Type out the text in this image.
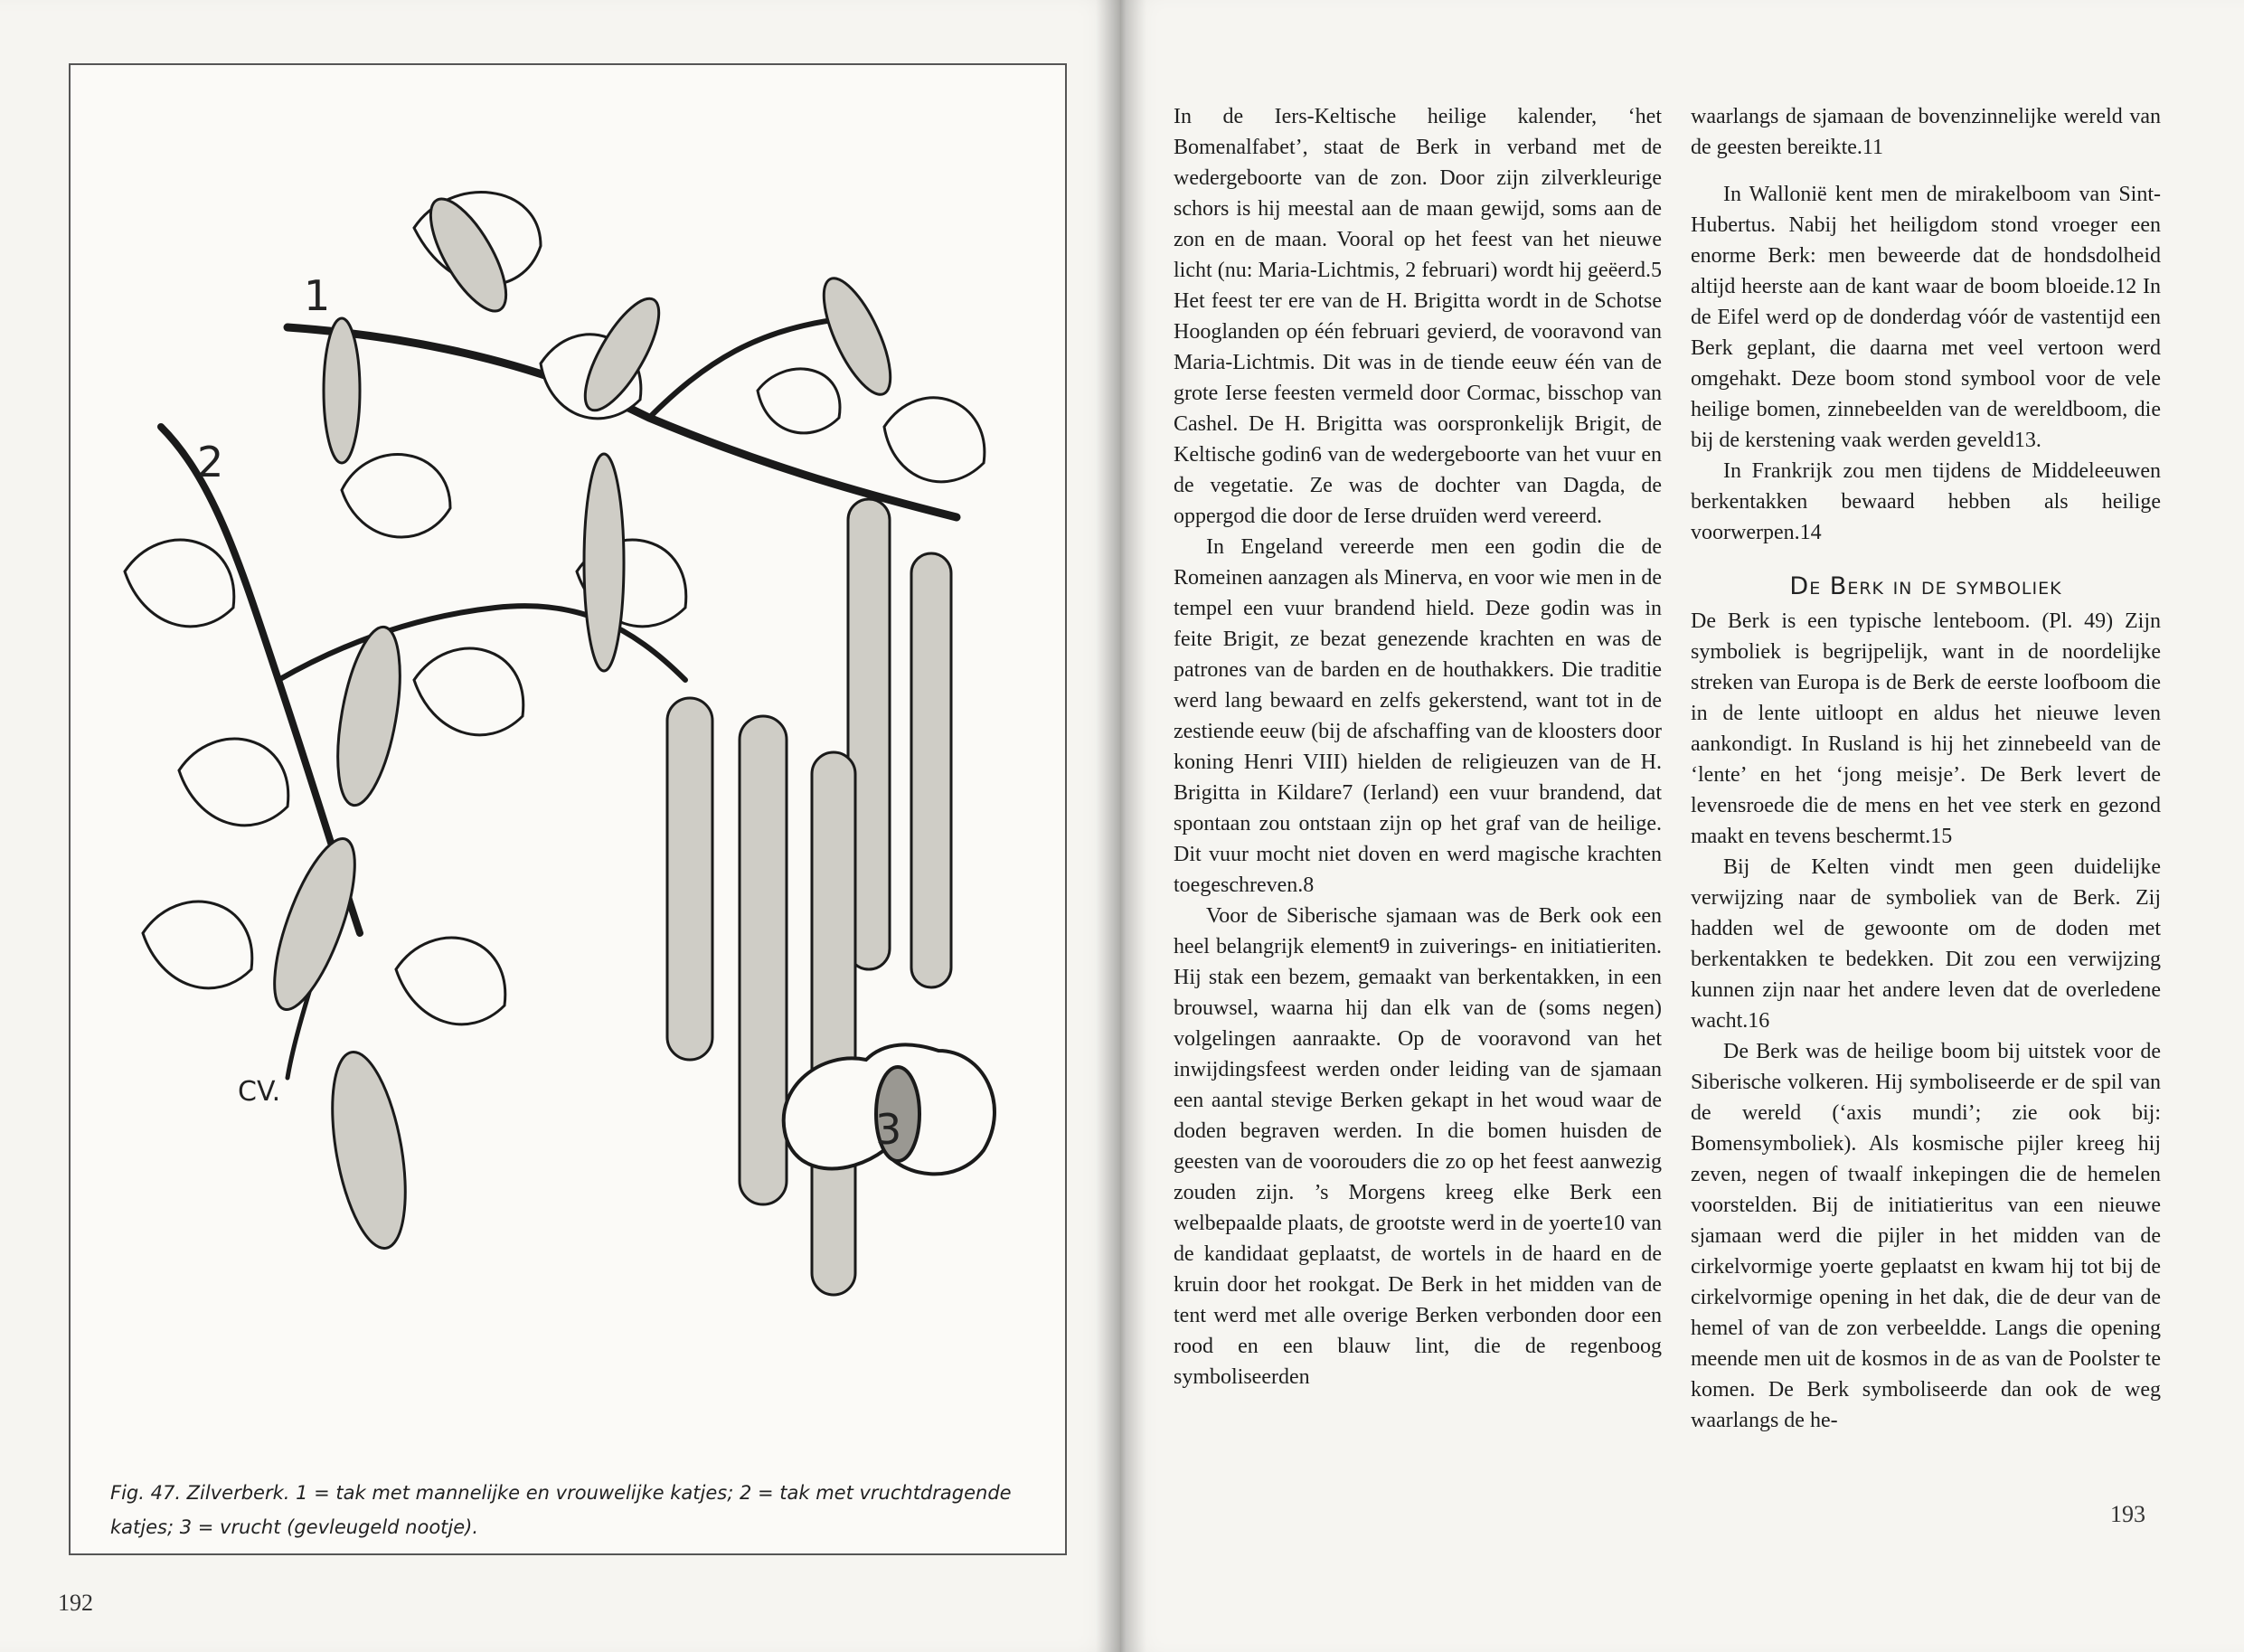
1
2
3
CV.
Fig. 47. Zilverberk. 1 = tak met mannelijke en vrouwelijke katjes; 2 = tak met vruchtdragende katjes; 3 = vrucht (gevleugeld nootje).
192

In de Iers-Keltische heilige kalender, ‘het Bomenalfabet’, staat de Berk in verband met de wedergeboorte van de zon. Door zijn zilverkleurige schors is hij meestal aan de maan gewijd, soms aan de zon en de maan. Vooral op het feest van het nieuwe licht (nu: Maria-Lichtmis, 2 februari) wordt hij geëerd.5 Het feest ter ere van de H. Brigitta wordt in de Schotse Hooglanden op één februari gevierd, de vooravond van Maria-Lichtmis. Dit was in de tiende eeuw één van de grote Ierse feesten vermeld door Cormac, bisschop van Cashel. De H. Brigitta was oorspronkelijk Brigit, de Keltische godin6 van de wedergeboorte van het vuur en de vegetatie. Ze was de dochter van Dagda, de oppergod die door de Ierse druïden werd vereerd.

In Engeland vereerde men een godin die de Romeinen aanzagen als Minerva, en voor wie men in de tempel een vuur brandend hield. Deze godin was in feite Brigit, ze bezat genezende krachten en was de patrones van de barden en de houthakkers. Die traditie werd lang bewaard en zelfs gekerstend, want tot in de zestiende eeuw (bij de afschaffing van de kloosters door koning Henri VIII) hielden de religieuzen van de H. Brigitta in Kildare7 (Ierland) een vuur brandend, dat spontaan zou ontstaan zijn op het graf van de heilige. Dit vuur mocht niet doven en werd magische krachten toegeschreven.8

Voor de Siberische sjamaan was de Berk ook een heel belangrijk element9 in zuiverings- en initiatieriten. Hij stak een bezem, gemaakt van berkentakken, in een brouwsel, waarna hij dan elk van de (soms negen) volgelingen aanraakte. Op de vooravond van het inwijdingsfeest werden onder leiding van de sjamaan een aantal stevige Berken gekapt in het woud waar de doden begraven werden. In die bomen huisden de geesten van de voorouders die zo op het feest aanwezig zouden zijn. ’s Morgens kreeg elke Berk een welbepaalde plaats, de grootste werd in de yoerte10 van de kandidaat geplaatst, de wortels in de haard en de kruin door het rookgat. De Berk in het midden van de tent werd met alle overige Berken verbonden door een rood en een blauw lint, die de regenboog symboliseerden

waarlangs de sjamaan de bovenzinnelijke wereld van de geesten bereikte.11

In Wallonië kent men de mirakelboom van Sint-Hubertus. Nabij het heiligdom stond vroeger een enorme Berk: men beweerde dat de hondsdolheid altijd heerste aan de kant waar de boom bloeide.12 In de Eifel werd op de donderdag vóór de vastentijd een Berk geplant, die daarna met veel vertoon werd omgehakt. Deze boom stond symbool voor de vele heilige bomen, zinnebeelden van de wereldboom, die bij de kerstening vaak werden geveld13.

In Frankrijk zou men tijdens de Middeleeuwen berkentakken bewaard hebben als heilige voorwerpen.14

De Berk in de symboliek

De Berk is een typische lenteboom. (Pl. 49) Zijn symboliek is begrijpelijk, want in de noordelijke streken van Europa is de Berk de eerste loofboom die in de lente uitloopt en aldus het nieuwe leven aankondigt. In Rusland is hij het zinnebeeld van de ‘lente’ en het ‘jong meisje’. De Berk levert de levensroede die de mens en het vee sterk en gezond maakt en tevens beschermt.15

Bij de Kelten vindt men geen duidelijke verwijzing naar de symboliek van de Berk. Zij hadden wel de gewoonte om de doden met berkentakken te bedekken. Dit zou een verwijzing kunnen zijn naar het andere leven dat de overledene wacht.16

De Berk was de heilige boom bij uitstek voor de Siberische volkeren. Hij symboliseerde er de spil van de wereld (‘axis mundi’; zie ook bij: Bomensymboliek). Als kosmische pijler kreeg hij zeven, negen of twaalf inkepingen die de hemelen voorstelden. Bij de initiatieritus van een nieuwe sjamaan werd die pijler in het midden van de cirkelvormige yoerte geplaatst en kwam hij tot bij de cirkelvormige opening in het dak, die de deur van de hemel of van de zon verbeeldde. Langs die opening meende men uit de kosmos in de as van de Poolster te komen. De Berk symboliseerde dan ook de weg waarlangs de he-

193
